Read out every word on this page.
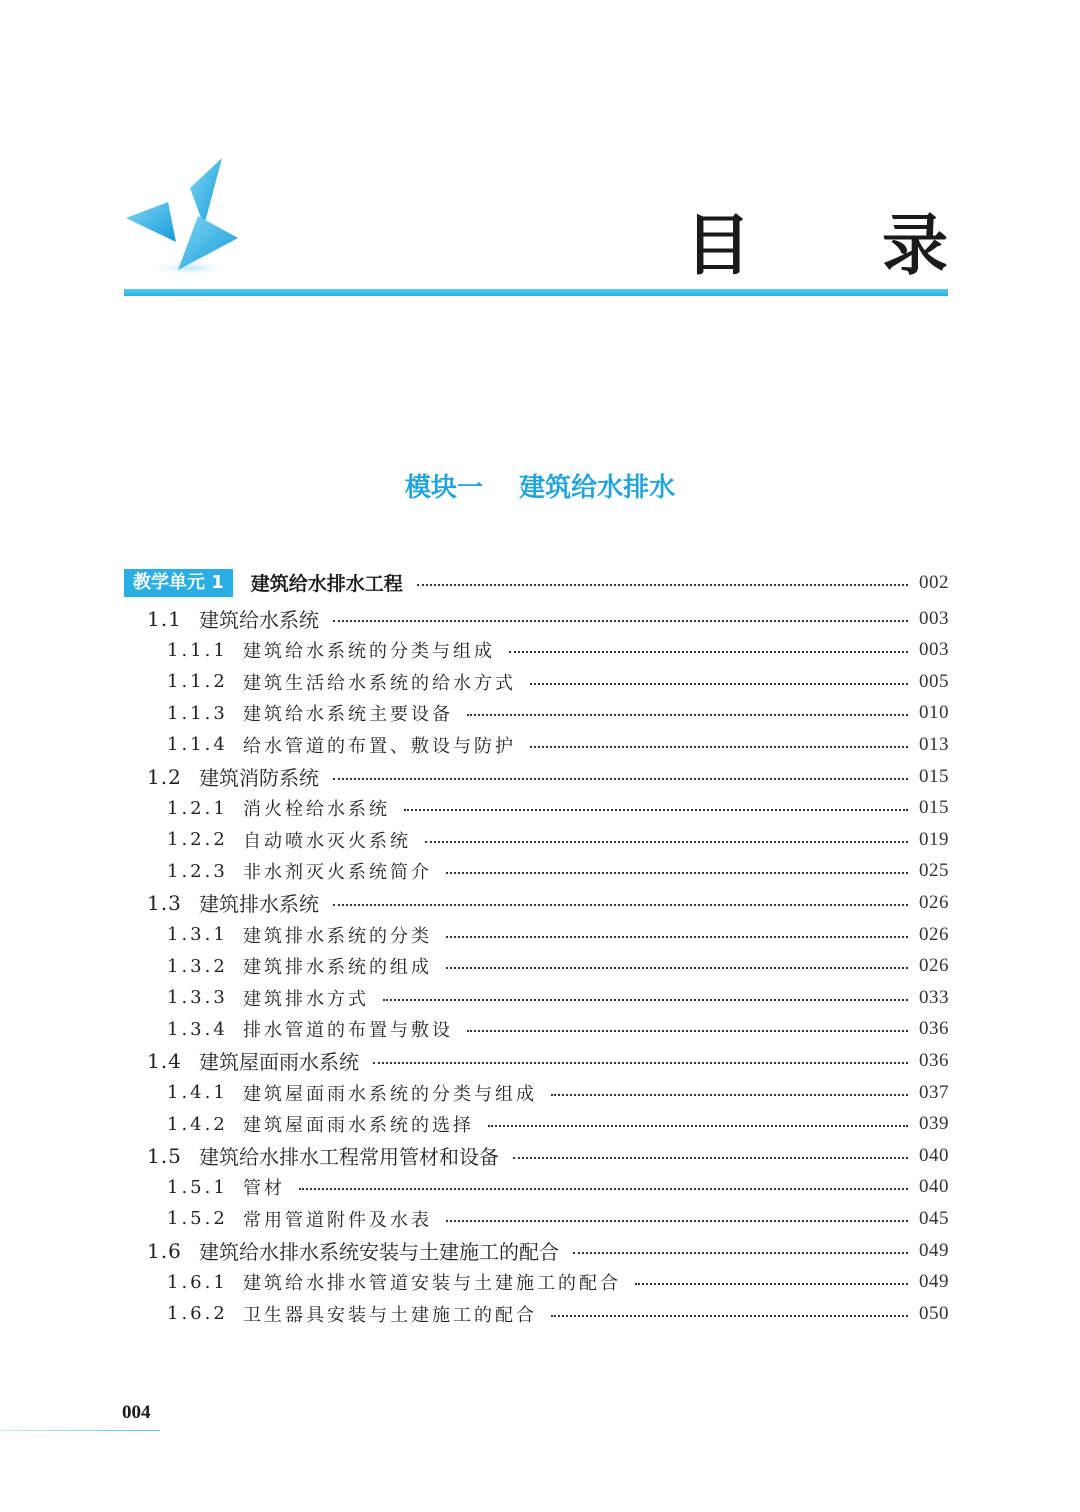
目 录
模块一    建筑给水排水
教学单元 1	建筑给水排水工程	002
1.1 建筑给水系统	003
1.1.1 建筑给水系统的分类与组成	003
1.1.2 建筑生活给水系统的给水方式	005
1.1.3 建筑给水系统主要设备	010
1.1.4 给水管道的布置、敷设与防护	013
1.2 建筑消防系统	015
1.2.1 消火栓给水系统	015
1.2.2 自动喷水灭火系统	019
1.2.3 非水剂灭火系统简介	025
1.3 建筑排水系统	026
1.3.1 建筑排水系统的分类	026
1.3.2 建筑排水系统的组成	026
1.3.3 建筑排水方式	033
1.3.4 排水管道的布置与敷设	036
1.4 建筑屋面雨水系统	036
1.4.1 建筑屋面雨水系统的分类与组成	037
1.4.2 建筑屋面雨水系统的选择	039
1.5 建筑给水排水工程常用管材和设备	040
1.5.1 管材	040
1.5.2 常用管道附件及水表	045
1.6 建筑给水排水系统安装与土建施工的配合	049
1.6.1 建筑给水排水管道安装与土建施工的配合	049
1.6.2 卫生器具安装与土建施工的配合	050
004
